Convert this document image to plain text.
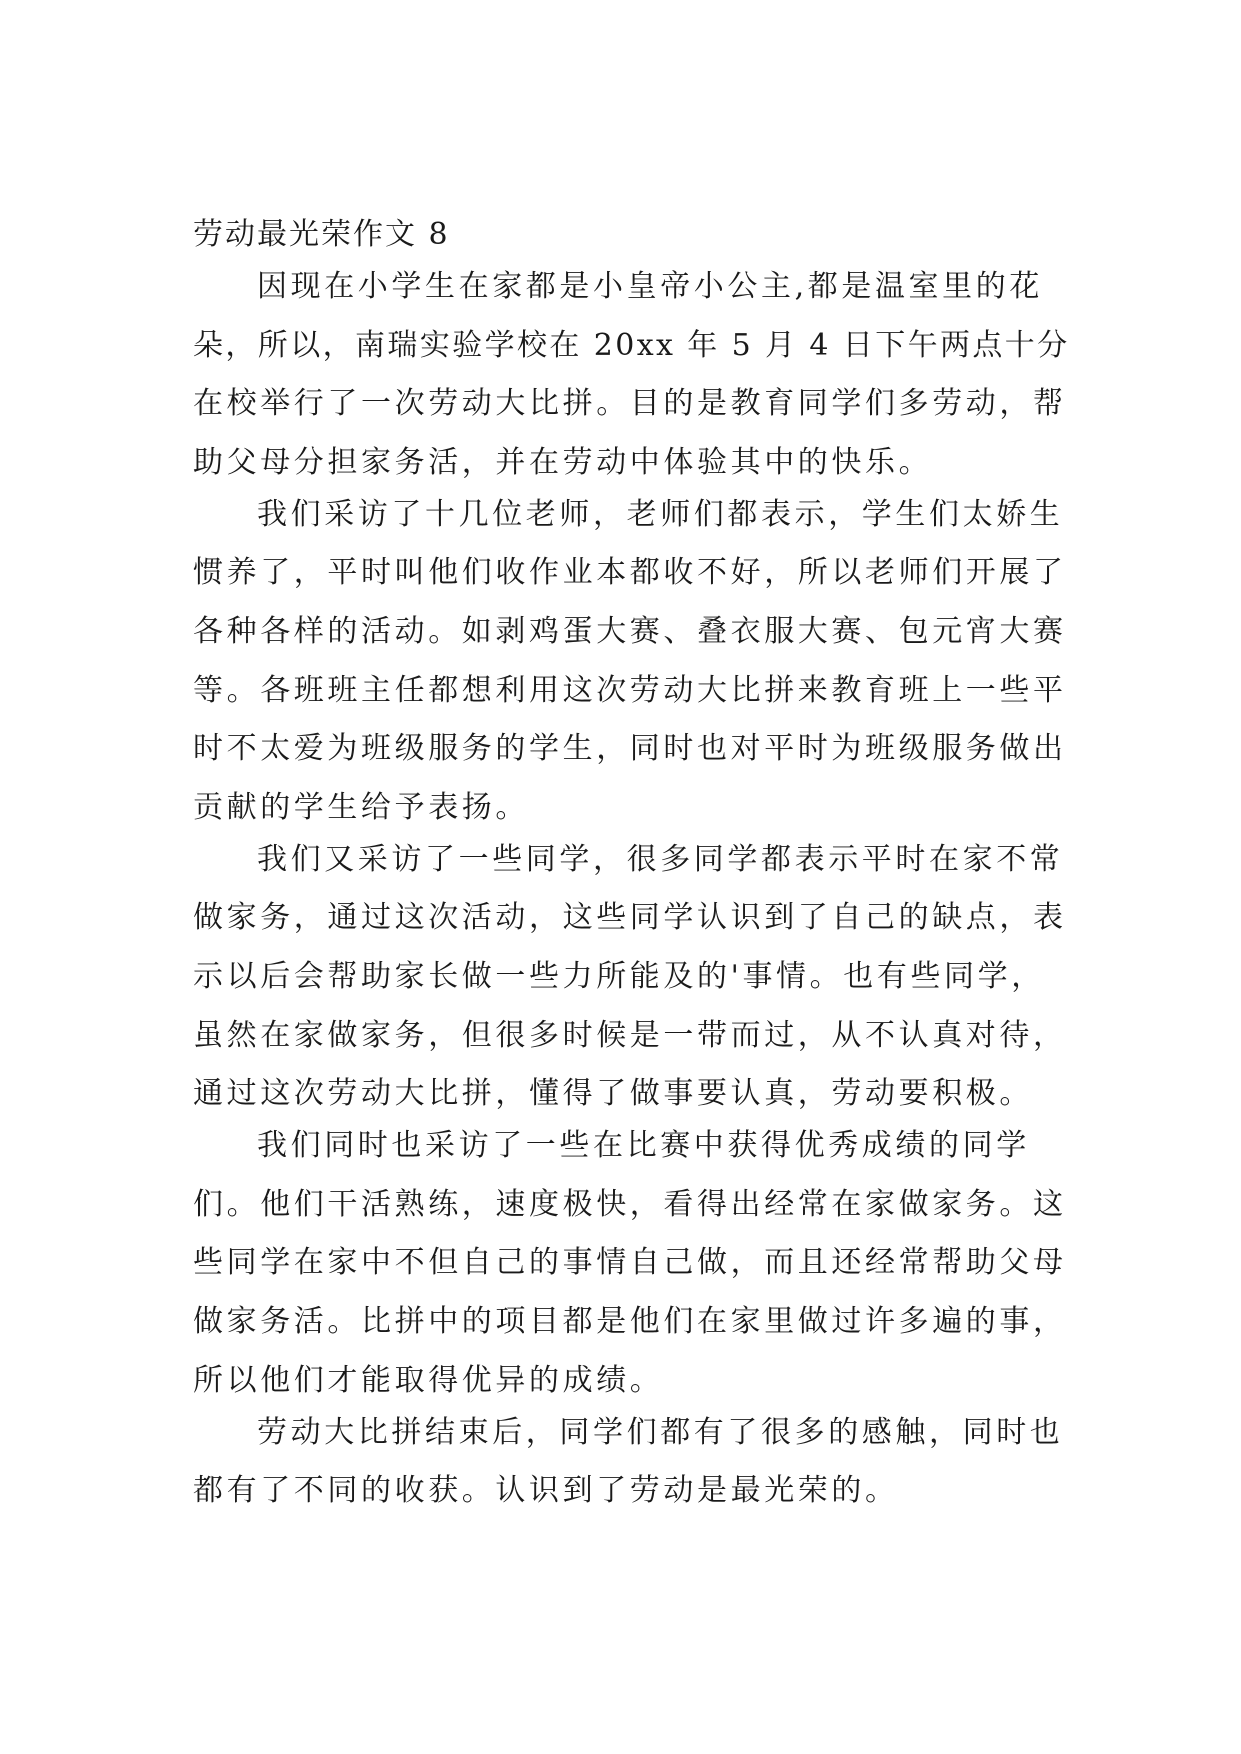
劳动最光荣作文 8
因现在小学生在家都是小皇帝小公主,都是温室里的花
朵，所以，南瑞实验学校在 20xx 年 5 月 4 日下午两点十分
在校举行了一次劳动大比拼。目的是教育同学们多劳动，帮
助父母分担家务活，并在劳动中体验其中的快乐。
我们采访了十几位老师，老师们都表示，学生们太娇生
惯养了，平时叫他们收作业本都收不好，所以老师们开展了
各种各样的活动。如剥鸡蛋大赛、叠衣服大赛、包元宵大赛
等。各班班主任都想利用这次劳动大比拼来教育班上一些平
时不太爱为班级服务的学生，同时也对平时为班级服务做出
贡献的学生给予表扬。
我们又采访了一些同学，很多同学都表示平时在家不常
做家务，通过这次活动，这些同学认识到了自己的缺点，表
示以后会帮助家长做一些力所能及的'事情。也有些同学，
虽然在家做家务，但很多时候是一带而过，从不认真对待，
通过这次劳动大比拼，懂得了做事要认真，劳动要积极。
我们同时也采访了一些在比赛中获得优秀成绩的同学
们。他们干活熟练，速度极快，看得出经常在家做家务。这
些同学在家中不但自己的事情自己做，而且还经常帮助父母
做家务活。比拼中的项目都是他们在家里做过许多遍的事，
所以他们才能取得优异的成绩。
劳动大比拼结束后，同学们都有了很多的感触，同时也
都有了不同的收获。认识到了劳动是最光荣的。
